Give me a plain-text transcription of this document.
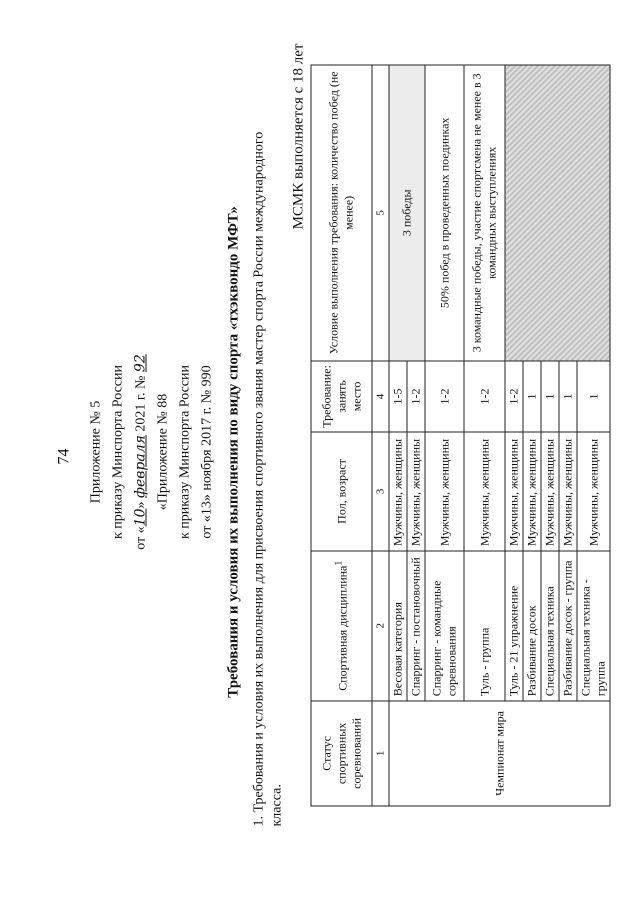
74 Приложение № 5 к приказу Минспорта России от «10» февраля 2021 г. № 92
«Приложение № 88 к приказу Минспорта России от «13» ноября 2017 г. № 990 Требования и условия их выполнения по виду спорта «тхэквондо МФТ» 1. Требования и условия их выполнения для присвоения спортивного звания мастер спорта России международного класса.
МСМК выполняется с 18 лет
Статус спортивных соревнований	Спортивная дисциплина$^1$	Пол, возраст	Требование: занять место	Условие выполнения требования: количество побед (не менее)
1	2	3	4	5
Чемпионат мира	Весовая категория	Мужчины, женщины	1-5	3 победы
	Спарринг - постановочный	Мужчины, женщины	1-2	
	Спарринг - командные соревнования	Мужчины, женщины	1-2	50% побед в проведенных поединках
	Туль - группа	Мужчины, женщины	1-2	3 командные победы, участие спортсмена не менее в 3 командных выступлениях
	Туль - 21 упражнение	Мужчины, женщины	1-2	
	Разбивание досок	Мужчины, женщины	1	
	Специальная техника	Мужчины, женщины	1	
	Разбивание досок - группа	Мужчины, женщины	1	
	Специальная техника - группа	Мужчины, женщины	1	
